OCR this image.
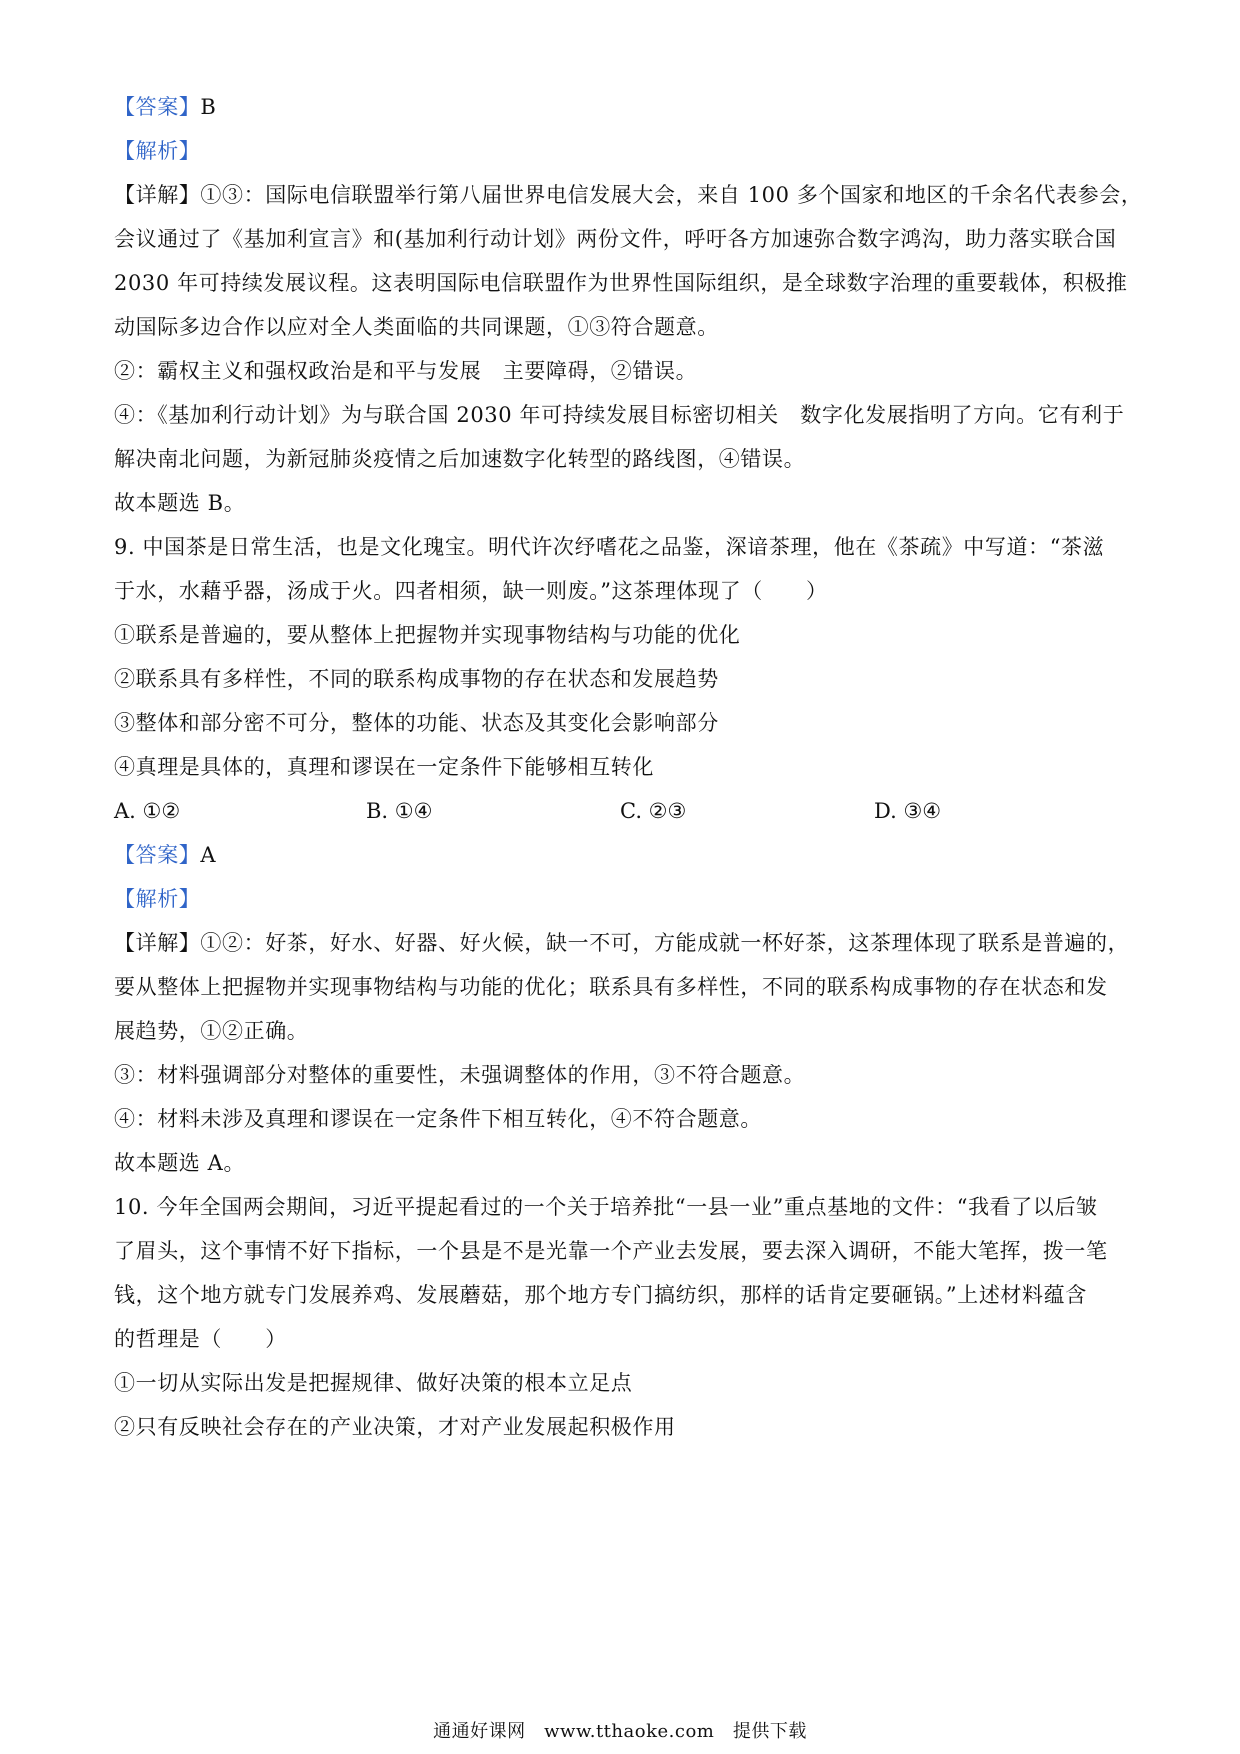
【答案】B
【解析】
【详解】①③：国际电信联盟举行第八届世界电信发展大会，来自 100 多个国家和地区的千余名代表参会，
会议通过了《基加利宣言》和(基加利行动计划》两份文件，呼吁各方加速弥合数字鸿沟，助力落实联合国
2030 年可持续发展议程。这表明国际电信联盟作为世界性国际组织，是全球数字治理的重要载体，积极推
动国际多边合作以应对全人类面临的共同课题，①③符合题意。
②：霸权主义和强权政治是和平与发展　主要障碍，②错误。
④：《基加利行动计划》为与联合国 2030 年可持续发展目标密切相关　数字化发展指明了方向。它有利于
解决南北问题，为新冠肺炎疫情之后加速数字化转型的路线图，④错误。
故本题选 B。
9. 中国茶是日常生活，也是文化瑰宝。明代许次纾嗜花之品鉴，深谙茶理，他在《茶疏》中写道：“茶滋
于水，水藉乎器，汤成于火。四者相须，缺一则废。”这茶理体现了（　　）
①联系是普遍的，要从整体上把握物并实现事物结构与功能的优化
②联系具有多样性，不同的联系构成事物的存在状态和发展趋势
③整体和部分密不可分，整体的功能、状态及其变化会影响部分
④真理是具体的，真理和谬误在一定条件下能够相互转化
A. ①②	B. ①④	C. ②③	D. ③④
【答案】A
【解析】
【详解】①②：好茶，好水、好器、好火候，缺一不可，方能成就一杯好茶，这茶理体现了联系是普遍的，
要从整体上把握物并实现事物结构与功能的优化；联系具有多样性，不同的联系构成事物的存在状态和发
展趋势，①②正确。
③：材料强调部分对整体的重要性，未强调整体的作用，③不符合题意。
④：材料未涉及真理和谬误在一定条件下相互转化，④不符合题意。
故本题选 A。
10. 今年全国两会期间，习近平提起看过的一个关于培养批“一县一业”重点基地的文件：“我看了以后皱
了眉头，这个事情不好下指标，一个县是不是光靠一个产业去发展，要去深入调研，不能大笔挥，拨一笔
钱，这个地方就专门发展养鸡、发展蘑菇，那个地方专门搞纺织，那样的话肯定要砸锅。”上述材料蕴含
的哲理是（　　）
①一切从实际出发是把握规律、做好决策的根本立足点
②只有反映社会存在的产业决策，才对产业发展起积极作用
通通好课网　www.tthaoke.com　提供下载
